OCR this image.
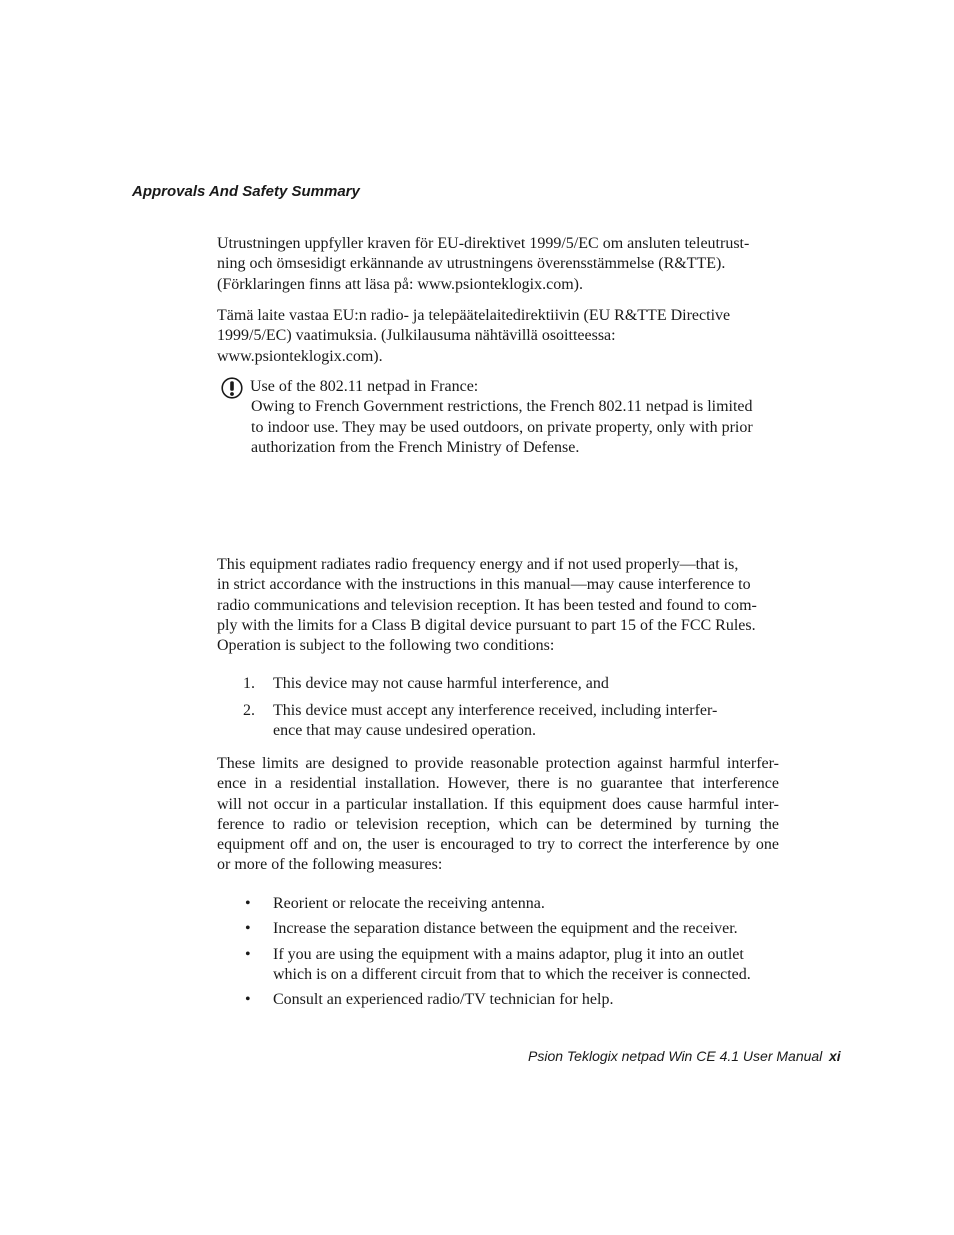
Approvals And Safety Summary

Utrustningen uppfyller kraven för EU-direktivet 1999/5/EC om ansluten teleutrust-
ning och ömsesidigt erkännande av utrustningens överensstämmelse (R&TTE).
(Förklaringen finns att läsa på: www.psionteklogix.com).

Tämä laite vastaa EU:n radio- ja telepäätelaitedirektiivin (EU R&TTE Directive
1999/5/EC) vaatimuksia. (Julkilausuma nähtävillä osoitteessa:
www.psionteklogix.com).

Use of the 802.11 netpad in France:
Owing to French Government restrictions, the French 802.11 netpad is limited
to indoor use. They may be used outdoors, on private property, only with prior
authorization from the French Ministry of Defense.

This equipment radiates radio frequency energy and if not used properly—that is,
in strict accordance with the instructions in this manual—may cause interference to
radio communications and television reception. It has been tested and found to com-
ply with the limits for a Class B digital device pursuant to part 15 of the FCC Rules.
Operation is subject to the following two conditions:

1. This device may not cause harmful interference, and

2. This device must accept any interference received, including interfer-
ence that may cause undesired operation.

These limits are designed to provide reasonable protection against harmful interfer-
ence in a residential installation. However, there is no guarantee that interference
will not occur in a particular installation. If this equipment does cause harmful inter-
ference to radio or television reception, which can be determined by turning the
equipment off and on, the user is encouraged to try to correct the interference by one
or more of the following measures:

• Reorient or relocate the receiving antenna.

• Increase the separation distance between the equipment and the receiver.

• If you are using the equipment with a mains adaptor, plug it into an outlet
which is on a different circuit from that to which the receiver is connected.

• Consult an experienced radio/TV technician for help.

Psion Teklogix netpad Win CE 4.1 User Manual xi
